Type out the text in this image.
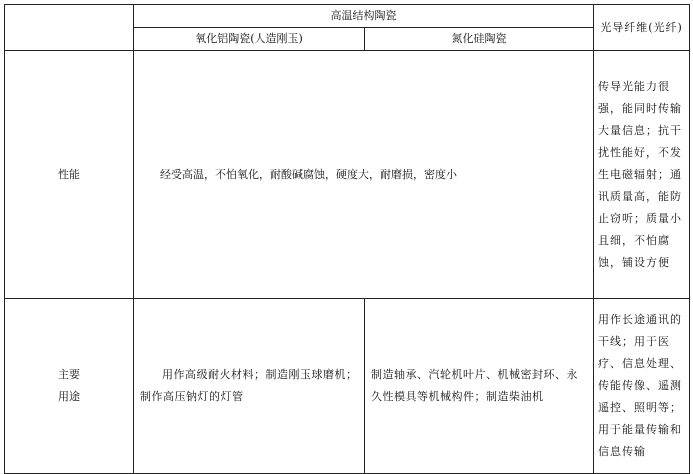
	高温结构陶瓷		光导纤维(光纤)
	氧化铝陶瓷(人造刚玉)	氮化硅陶瓷	
性能	经受高温，不怕氧化，耐酸碱腐蚀，硬度大，耐磨损，密度小		传导光能力很强，能同时传输大量信息；抗干扰性能好，不发生电磁辐射；通讯质量高，能防止窃听；质量小且细，不怕腐蚀，铺设方便
主要用途	用作高级耐火材料；制造刚玉球磨机；制作高压钠灯的灯管	制造轴承、汽轮机叶片、机械密封环、永久性模具等机械构件；制造柴油机	用作长途通讯的干线；用于医疗、信息处理、传能传像、遥测遥控、照明等；用于能量传输和信息传输
